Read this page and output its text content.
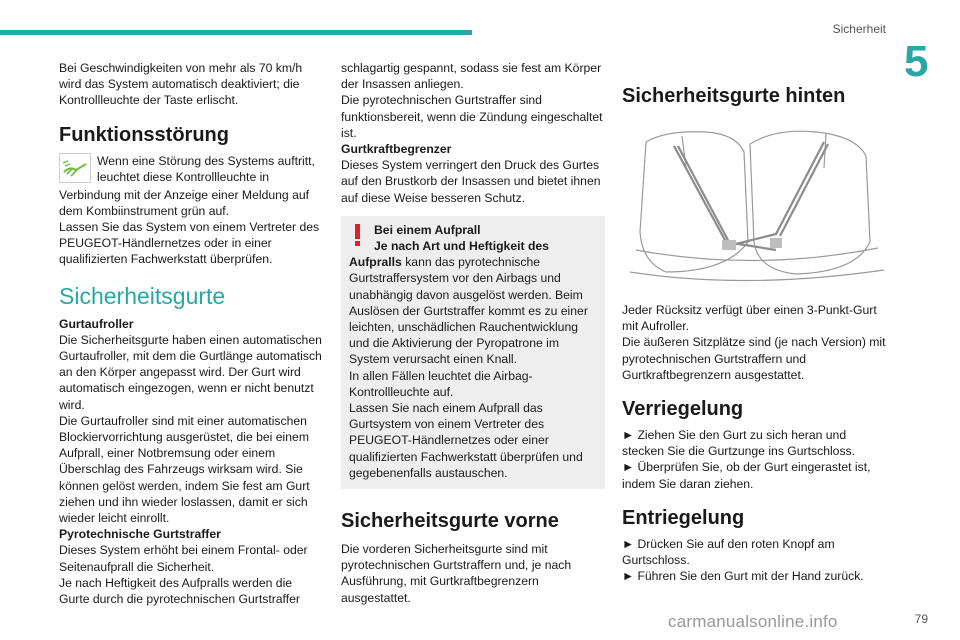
Sicherheit
5

Bei Geschwindigkeiten von mehr als 70 km/h wird das System automatisch deaktiviert; die Kontrollleuchte der Taste erlischt.

Funktionsstörung

Wenn eine Störung des Systems auftritt, leuchtet diese Kontrollleuchte in

Verbindung mit der Anzeige einer Meldung auf dem Kombiinstrument grün auf.

Lassen Sie das System von einem Vertreter des PEUGEOT-Händlernetzes oder in einer qualifizierten Fachwerkstatt überprüfen.

Sicherheitsgurte

Gurtaufroller

Die Sicherheitsgurte haben einen automatischen Gurtaufroller, mit dem die Gurtlänge automatisch an den Körper angepasst wird. Der Gurt wird automatisch eingezogen, wenn er nicht benutzt wird.

Die Gurtaufroller sind mit einer automatischen Blockiervorrichtung ausgerüstet, die bei einem Aufprall, einer Notbremsung oder einem Überschlag des Fahrzeugs wirksam wird. Sie können gelöst werden, indem Sie fest am Gurt ziehen und ihn wieder loslassen, damit er sich wieder leicht einrollt.

Pyrotechnische Gurtstraffer

Dieses System erhöht bei einem Frontal- oder Seitenaufprall die Sicherheit.

Je nach Heftigkeit des Aufpralls werden die Gurte durch die pyrotechnischen Gurtstraffer

schlagartig gespannt, sodass sie fest am Körper der Insassen anliegen.

Die pyrotechnischen Gurtstraffer sind funktionsbereit, wenn die Zündung eingeschaltet ist.

Gurtkraftbegrenzer

Dieses System verringert den Druck des Gurtes auf den Brustkorb der Insassen und bietet ihnen auf diese Weise besseren Schutz.

Bei einem Aufprall

Je nach Art und Heftigkeit des

Aufpralls kann das pyrotechnische Gurtstraffersystem vor den Airbags und unabhängig davon ausgelöst werden. Beim Auslösen der Gurtstraffer kommt es zu einer leichten, unschädlichen Rauchentwicklung und die Aktivierung der Pyropatrone im System verursacht einen Knall.

In allen Fällen leuchtet die Airbag-Kontrollleuchte auf.

Lassen Sie nach einem Aufprall das Gurtsystem von einem Vertreter des PEUGEOT-Händlernetzes oder einer qualifizierten Fachwerkstatt überprüfen und gegebenenfalls austauschen.

Sicherheitsgurte vorne

Die vorderen Sicherheitsgurte sind mit pyrotechnischen Gurtstraffern und, je nach Ausführung, mit Gurtkraftbegrenzern ausgestattet.

Sicherheitsgurte hinten

Jeder Rücksitz verfügt über einen 3-Punkt-Gurt mit Aufroller.

Die äußeren Sitzplätze sind (je nach Version) mit pyrotechnischen Gurtstraffern und Gurtkraftbegrenzern ausgestattet.

Verriegelung

► Ziehen Sie den Gurt zu sich heran und stecken Sie die Gurtzunge ins Gurtschloss.

► Überprüfen Sie, ob der Gurt eingerastet ist, indem Sie daran ziehen.

Entriegelung

► Drücken Sie auf den roten Knopf am Gurtschloss.

► Führen Sie den Gurt mit der Hand zurück.

carmanualsonline.info	79
